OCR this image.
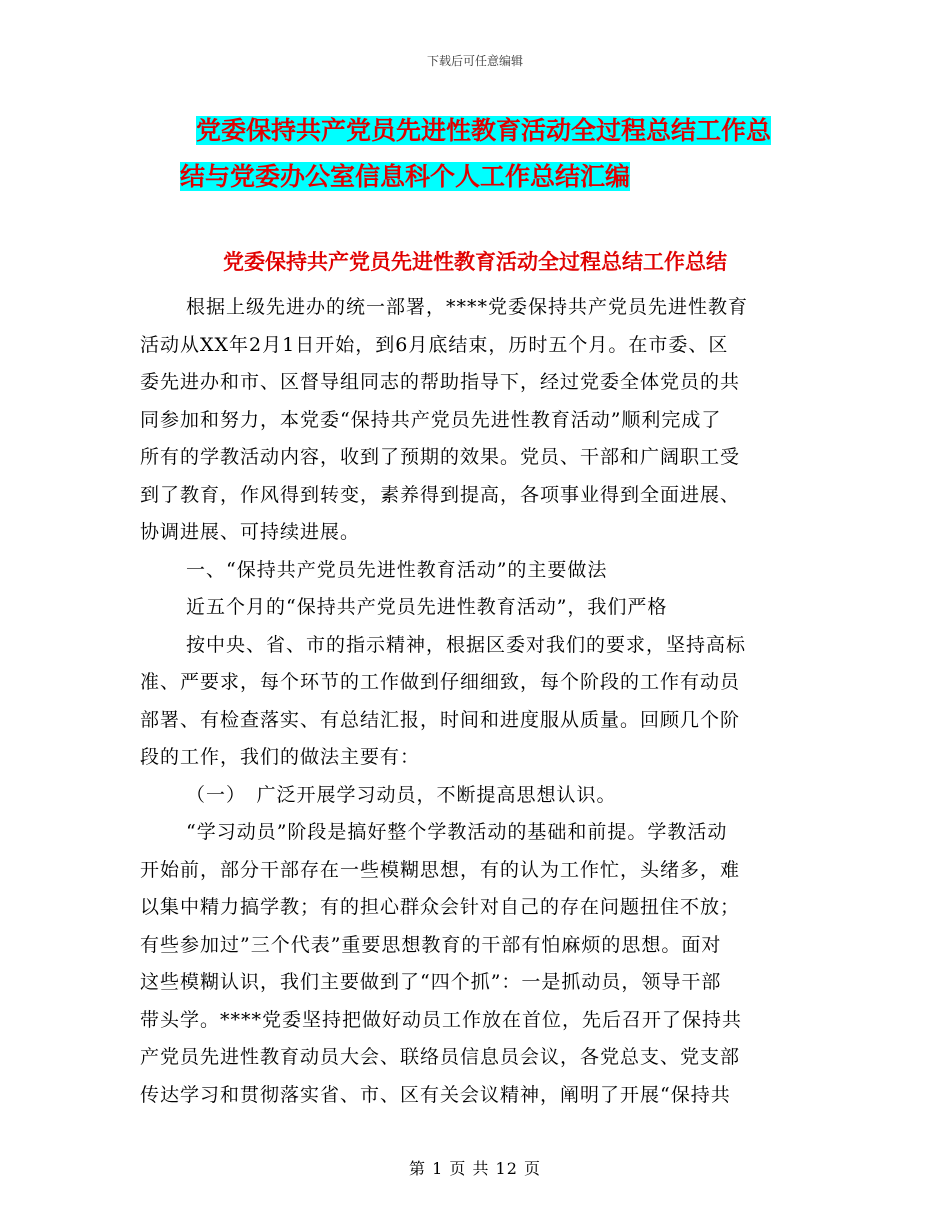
下载后可任意编辑
党委保持共产党员先进性教育活动全过程总结工作总
结与党委办公室信息科个人工作总结汇编
党委保持共产党员先进性教育活动全过程总结工作总结

根据上级先进办的统一部署，****党委保持共产党员先进性教育

活动从XX年2月1日开始，到6月底结束，历时五个月。在市委、区

委先进办和市、区督导组同志的帮助指导下，经过党委全体党员的共

同参加和努力，本党委“保持共产党员先进性教育活动”顺利完成了

所有的学教活动内容，收到了预期的效果。党员、干部和广阔职工受

到了教育，作风得到转变，素养得到提高，各项事业得到全面进展、

协调进展、可持续进展。

一、“保持共产党员先进性教育活动”的主要做法

近五个月的“保持共产党员先进性教育活动”，我们严格

按中央、省、市的指示精神，根据区委对我们的要求，坚持高标

准、严要求，每个环节的工作做到仔细细致，每个阶段的工作有动员

部署、有检查落实、有总结汇报，时间和进度服从质量。回顾几个阶

段的工作，我们的做法主要有：

（一）　广泛开展学习动员，不断提高思想认识。

“学习动员”阶段是搞好整个学教活动的基础和前提。学教活动

开始前，部分干部存在一些模糊思想，有的认为工作忙，头绪多，难

以集中精力搞学教；有的担心群众会针对自己的存在问题扭住不放；

有些参加过”三个代表”重要思想教育的干部有怕麻烦的思想。面对

这些模糊认识，我们主要做到了“四个抓”：一是抓动员，领导干部

带头学。****党委坚持把做好动员工作放在首位，先后召开了保持共

产党员先进性教育动员大会、联络员信息员会议，各党总支、党支部

传达学习和贯彻落实省、市、区有关会议精神，阐明了开展“保持共

第 1 页 共 12 页
